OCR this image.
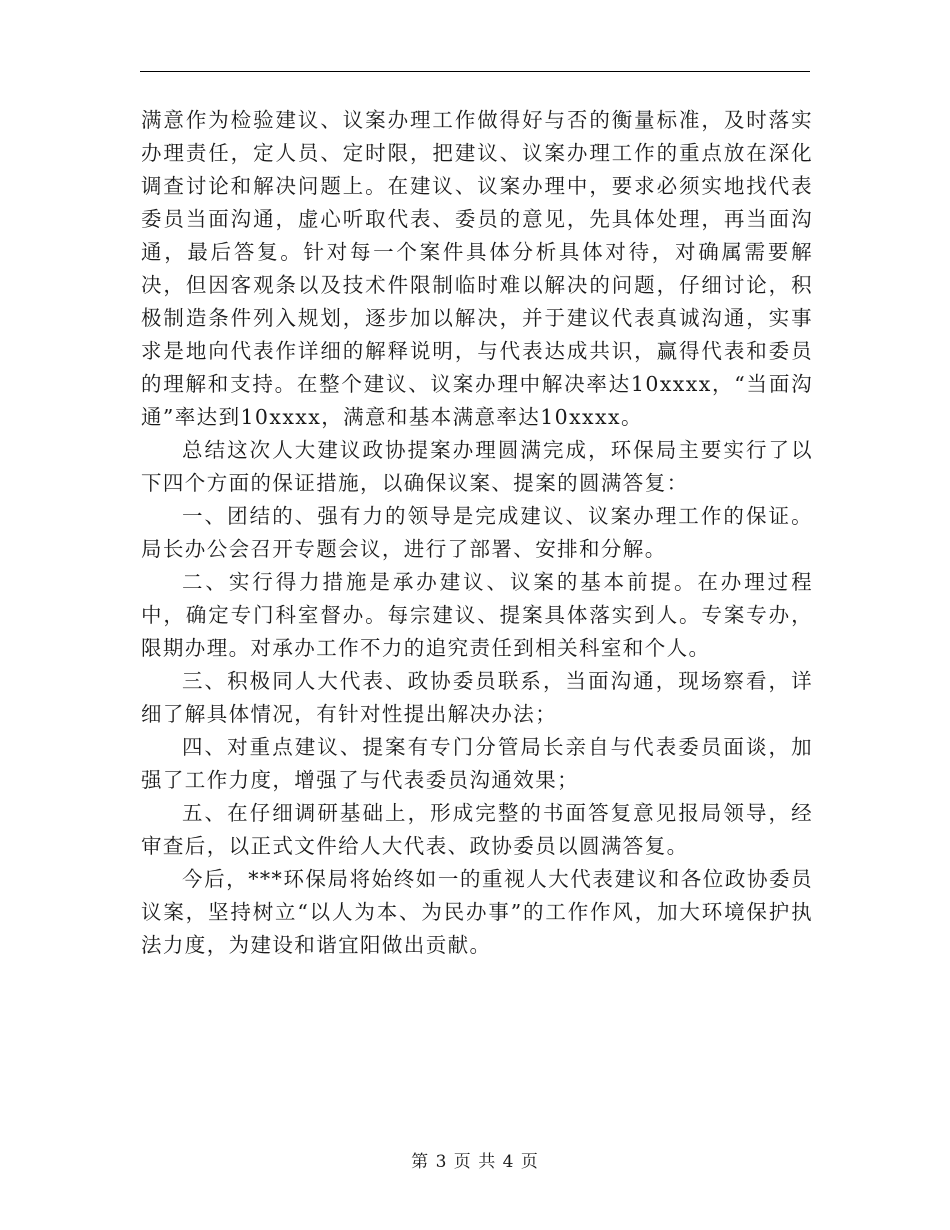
满意作为检验建议、议案办理工作做得好与否的衡量标准，及时落实办理责任，定人员、定时限，把建议、议案办理工作的重点放在深化调查讨论和解决问题上。在建议、议案办理中，要求必须实地找代表委员当面沟通，虚心听取代表、委员的意见，先具体处理，再当面沟通，最后答复。针对每一个案件具体分析具体对待，对确属需要解决，但因客观条以及技术件限制临时难以解决的问题，仔细讨论，积极制造条件列入规划，逐步加以解决，并于建议代表真诚沟通，实事求是地向代表作详细的解释说明，与代表达成共识，赢得代表和委员的理解和支持。在整个建议、议案办理中解决率达10xxxx，“当面沟通”率达到10xxxx，满意和基本满意率达10xxxx。

总结这次人大建议政协提案办理圆满完成，环保局主要实行了以下四个方面的保证措施，以确保议案、提案的圆满答复：

一、团结的、强有力的领导是完成建议、议案办理工作的保证。局长办公会召开专题会议，进行了部署、安排和分解。

二、实行得力措施是承办建议、议案的基本前提。在办理过程中，确定专门科室督办。每宗建议、提案具体落实到人。专案专办，限期办理。对承办工作不力的追究责任到相关科室和个人。

三、积极同人大代表、政协委员联系，当面沟通，现场察看，详细了解具体情况，有针对性提出解决办法；

四、对重点建议、提案有专门分管局长亲自与代表委员面谈，加强了工作力度，增强了与代表委员沟通效果；

五、在仔细调研基础上，形成完整的书面答复意见报局领导，经审查后，以正式文件给人大代表、政协委员以圆满答复。

今后，***环保局将始终如一的重视人大代表建议和各位政协委员议案，坚持树立“以人为本、为民办事”的工作作风，加大环境保护执法力度，为建设和谐宜阳做出贡献。

第 3 页 共 4 页
